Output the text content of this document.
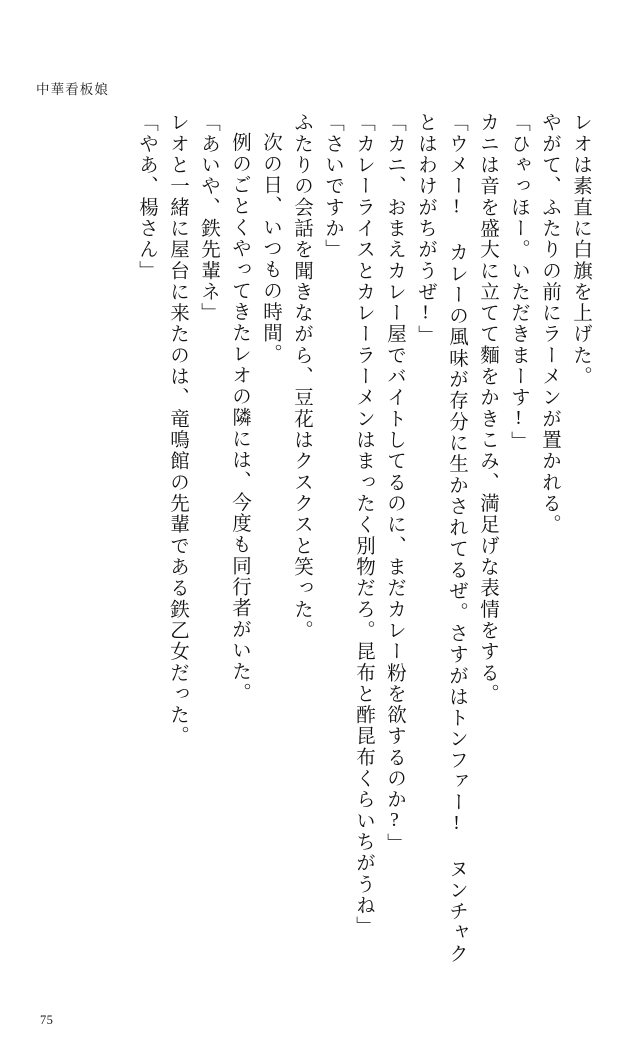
中華看板娘
レオは素直に白旗を上げた。
やがて、ふたりの前にラーメンが置かれる。
「ひゃっほー。いただきまーす!」
カニは音を盛大に立てて麵をかきこみ、満足げな表情をする。
「ウメー! カレーの風味が存分に生かされてるぜ。さすがはトンファー! ヌンチャク
とはわけがちがうぜ!」
「カニ、おまえカレー屋でバイトしてるのに、まだカレー粉を欲するのか?」
「カレーライスとカレーラーメンはまったく別物だろ。昆布と酢昆布くらいちがうね」
「さいですか」
ふたりの会話を聞きながら、豆花はクスクスと笑った。
次の日、いつもの時間。
例のごとくやってきたレオの隣には、今度も同行者がいた。
「あいや、鉄先輩ネ」
レオと一緒に屋台に来たのは、竜鳴館の先輩である鉄乙女だった。
「やあ、楊さん」
75
